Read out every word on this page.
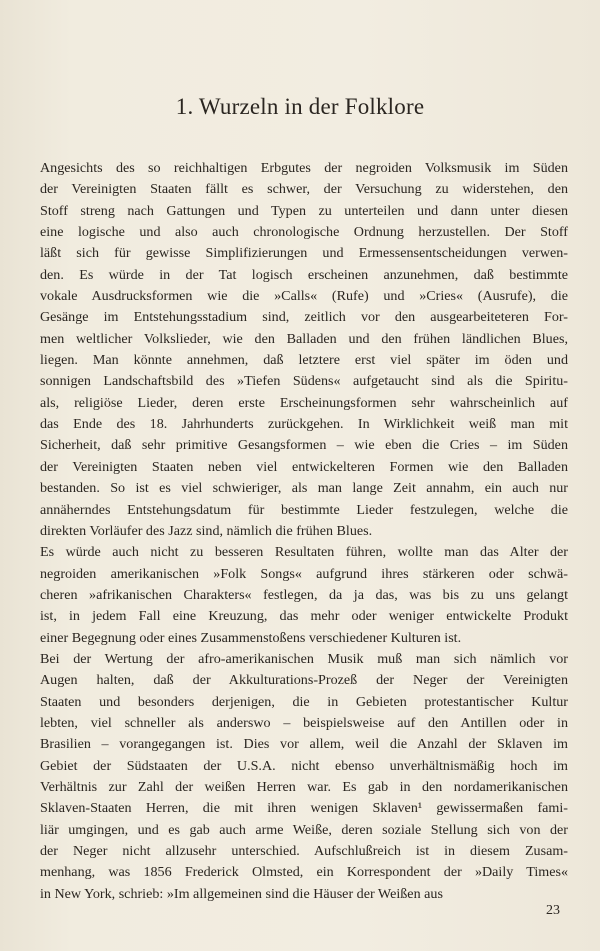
1. Wurzeln in der Folklore

Angesichts des so reichhaltigen Erbgutes der negroiden Volksmusik im Süden
der Vereinigten Staaten fällt es schwer, der Versuchung zu widerstehen, den
Stoff streng nach Gattungen und Typen zu unterteilen und dann unter diesen
eine logische und also auch chronologische Ordnung herzustellen. Der Stoff
läßt sich für gewisse Simplifizierungen und Ermessensentscheidungen verwen-
den. Es würde in der Tat logisch erscheinen anzunehmen, daß bestimmte
vokale Ausdrucksformen wie die »Calls« (Rufe) und »Cries« (Ausrufe), die
Gesänge im Entstehungsstadium sind, zeitlich vor den ausgearbeiteteren For-
men weltlicher Volkslieder, wie den Balladen und den frühen ländlichen Blues,
liegen. Man könnte annehmen, daß letztere erst viel später im öden und
sonnigen Landschaftsbild des »Tiefen Südens« aufgetaucht sind als die Spiritu-
als, religiöse Lieder, deren erste Erscheinungsformen sehr wahrscheinlich auf
das Ende des 18. Jahrhunderts zurückgehen. In Wirklichkeit weiß man mit
Sicherheit, daß sehr primitive Gesangsformen – wie eben die Cries – im Süden
der Vereinigten Staaten neben viel entwickelteren Formen wie den Balladen
bestanden. So ist es viel schwieriger, als man lange Zeit annahm, ein auch nur
annäherndes Entstehungsdatum für bestimmte Lieder festzulegen, welche die
direkten Vorläufer des Jazz sind, nämlich die frühen Blues.

Es würde auch nicht zu besseren Resultaten führen, wollte man das Alter der
negroiden amerikanischen »Folk Songs« aufgrund ihres stärkeren oder schwä-
cheren »afrikanischen Charakters« festlegen, da ja das, was bis zu uns gelangt
ist, in jedem Fall eine Kreuzung, das mehr oder weniger entwickelte Produkt
einer Begegnung oder eines Zusammenstoßens verschiedener Kulturen ist.

Bei der Wertung der afro-amerikanischen Musik muß man sich nämlich vor
Augen halten, daß der Akkulturations-Prozeß der Neger der Vereinigten
Staaten und besonders derjenigen, die in Gebieten protestantischer Kultur
lebten, viel schneller als anderswo – beispielsweise auf den Antillen oder in
Brasilien – vorangegangen ist. Dies vor allem, weil die Anzahl der Sklaven im
Gebiet der Südstaaten der U.S.A. nicht ebenso unverhältnismäßig hoch im
Verhältnis zur Zahl der weißen Herren war. Es gab in den nordamerikanischen
Sklaven-Staaten Herren, die mit ihren wenigen Sklaven¹ gewissermaßen fami-
liär umgingen, und es gab auch arme Weiße, deren soziale Stellung sich von der
der Neger nicht allzusehr unterschied. Aufschlußreich ist in diesem Zusam-
menhang, was 1856 Frederick Olmsted, ein Korrespondent der »Daily Times«
in New York, schrieb: »Im allgemeinen sind die Häuser der Weißen aus

23
